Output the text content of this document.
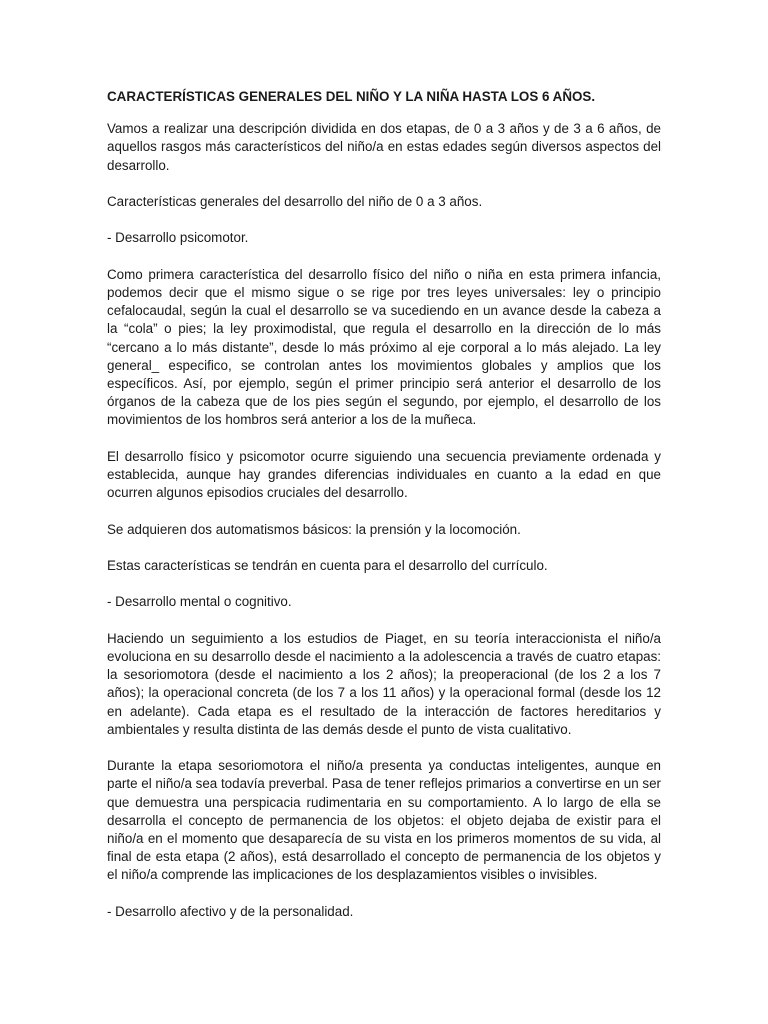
CARACTERÍSTICAS GENERALES DEL NIÑO Y LA NIÑA HASTA LOS 6 AÑOS.

Vamos a realizar una descripción dividida en dos etapas, de 0 a 3 años y de 3 a 6 años, de aquellos rasgos más característicos del niño/a en estas edades según diversos aspectos del desarrollo.

Características generales del desarrollo del niño de 0 a 3 años.

- Desarrollo psicomotor.

Como primera característica del desarrollo físico del niño o niña en esta primera infancia, podemos decir que el mismo sigue o se rige por tres leyes universales: ley o principio cefalocaudal, según la cual el desarrollo se va sucediendo en un avance desde la cabeza a la “cola” o pies; la ley proximodistal, que regula el desarrollo en la dirección de lo más “cercano a lo más distante”, desde lo más próximo al eje corporal a lo más alejado. La ley general_ especifico, se controlan antes los movimientos globales y amplios que los específicos. Así, por ejemplo, según el primer principio será anterior el desarrollo de los órganos de la cabeza que de los pies según el segundo, por ejemplo, el desarrollo de los movimientos de los hombros será anterior a los de la muñeca.

El desarrollo físico y psicomotor ocurre siguiendo una secuencia previamente ordenada y establecida, aunque hay grandes diferencias individuales en cuanto a la edad en que ocurren algunos episodios cruciales del desarrollo.

Se adquieren dos automatismos básicos: la prensión y la locomoción.

Estas características se tendrán en cuenta para el desarrollo del currículo.

- Desarrollo mental o cognitivo.

Haciendo un seguimiento a los estudios de Piaget, en su teoría interaccionista el niño/a evoluciona en su desarrollo desde el nacimiento a la adolescencia a través de cuatro etapas: la sesoriomotora (desde el nacimiento a los 2 años); la preoperacional (de los 2 a los 7 años); la operacional concreta (de los 7 a los 11 años) y la operacional formal (desde los 12 en adelante). Cada etapa es el resultado de la interacción de factores hereditarios y ambientales y resulta distinta de las demás desde el punto de vista cualitativo.

Durante la etapa sesoriomotora el niño/a presenta ya conductas inteligentes, aunque en parte el niño/a sea todavía preverbal. Pasa de tener reflejos primarios a convertirse en un ser que demuestra una perspicacia rudimentaria en su comportamiento. A lo largo de ella se desarrolla el concepto de permanencia de los objetos: el objeto dejaba de existir para el niño/a en el momento que desaparecía de su vista en los primeros momentos de su vida, al final de esta etapa (2 años), está desarrollado el concepto de permanencia de los objetos y el niño/a comprende las implicaciones de los desplazamientos visibles o invisibles.

- Desarrollo afectivo y de la personalidad.
